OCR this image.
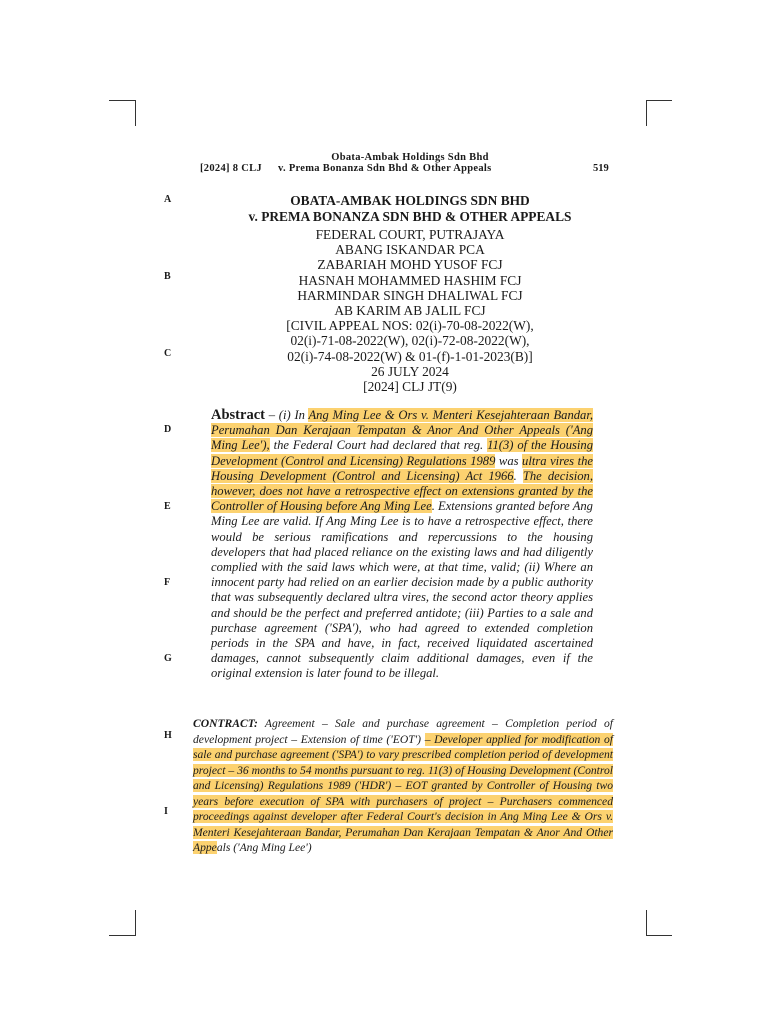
Obata-Ambak Holdings Sdn Bhd
[2024] 8 CLJ	v. Prema Bonanza Sdn Bhd & Other Appeals	519
A
B
C
D
E
F
G
H
I
OBATA-AMBAK HOLDINGS SDN BHD
v. PREMA BONANZA SDN BHD & OTHER APPEALS
FEDERAL COURT, PUTRAJAYA
ABANG ISKANDAR PCA
ZABARIAH MOHD YUSOF FCJ
HASNAH MOHAMMED HASHIM FCJ
HARMINDAR SINGH DHALIWAL FCJ
AB KARIM AB JALIL FCJ
[CIVIL APPEAL NOS: 02(i)-70-08-2022(W),
02(i)-71-08-2022(W), 02(i)-72-08-2022(W),
02(i)-74-08-2022(W) & 01-(f)-1-01-2023(B)]
26 JULY 2024
[2024] CLJ JT(9)
Abstract – (i) In Ang Ming Lee & Ors v. Menteri Kesejahteraan Bandar, Perumahan Dan Kerajaan Tempatan & Anor And Other Appeals ('Ang Ming Lee'), the Federal Court had declared that reg. 11(3) of the Housing Development (Control and Licensing) Regulations 1989 was ultra vires the Housing Development (Control and Licensing) Act 1966. The decision, however, does not have a retrospective effect on extensions granted by the Controller of Housing before Ang Ming Lee. Extensions granted before Ang Ming Lee are valid. If Ang Ming Lee is to have a retrospective effect, there would be serious ramifications and repercussions to the housing developers that had placed reliance on the existing laws and had diligently complied with the said laws which were, at that time, valid; (ii) Where an innocent party had relied on an earlier decision made by a public authority that was subsequently declared ultra vires, the second actor theory applies and should be the perfect and preferred antidote; (iii) Parties to a sale and purchase agreement ('SPA'), who had agreed to extended completion periods in the SPA and have, in fact, received liquidated ascertained damages, cannot subsequently claim additional damages, even if the original extension is later found to be illegal.
CONTRACT: Agreement – Sale and purchase agreement – Completion period of development project – Extension of time ('EOT') – Developer applied for modification of sale and purchase agreement ('SPA') to vary prescribed completion period of development project – 36 months to 54 months pursuant to reg. 11(3) of Housing Development (Control and Licensing) Regulations 1989 ('HDR') – EOT granted by Controller of Housing two years before execution of SPA with purchasers of project – Purchasers commenced proceedings against developer after Federal Court's decision in Ang Ming Lee & Ors v. Menteri Kesejahteraan Bandar, Perumahan Dan Kerajaan Tempatan & Anor And Other Appeals ('Ang Ming Lee')
